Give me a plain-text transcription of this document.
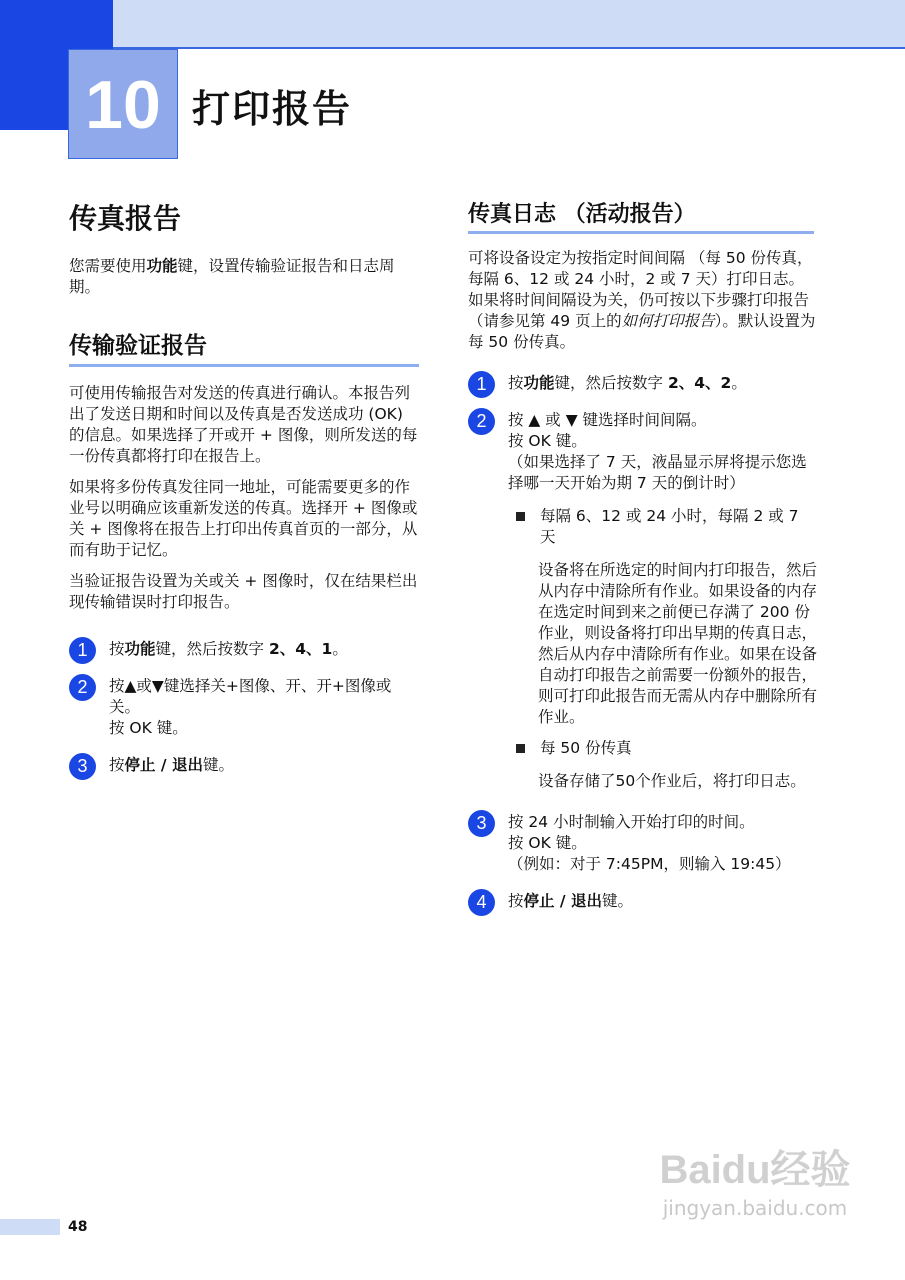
10 打印报告
传真报告

您需要使用功能键，设置传输验证报告和日志周期。

传输验证报告

可使用传输报告对发送的传真进行确认。本报告列出了发送日期和时间以及传真是否发送成功 (OK) 的信息。如果选择了开或开 + 图像，则所发送的每一份传真都将打印在报告上。

如果将多份传真发往同一地址，可能需要更多的作业号以明确应该重新发送的传真。选择开 + 图像或关 + 图像将在报告上打印出传真首页的一部分，从而有助于记忆。

当验证报告设置为关或关 + 图像时，仅在结果栏出现传输错误时打印报告。

1	按功能键，然后按数字 2、4、1。
2	按▲或▼键选择关+图像、开、开+图像或关。
按 OK 键。
3	按停止 / 退出键。
传真日志 （活动报告）

可将设备设定为按指定时间间隔 （每 50 份传真，每隔 6、12 或 24 小时，2 或 7 天）打印日志。如果将时间间隔设为关，仍可按以下步骤打印报告 （请参见第 49 页上的如何打印报告）。默认设置为每 50 份传真。

1	按功能键，然后按数字 2、4、2。
2	按 ▲ 或 ▼ 键选择时间间隔。
按 OK 键。
（如果选择了 7 天，液晶显示屏将提示您选择哪一天开始为期 7 天的倒计时）
每隔 6、12 或 24 小时，每隔 2 或 7 天

设备将在所选定的时间内打印报告，然后从内存中清除所有作业。如果设备的内存在选定时间到来之前便已存满了 200 份作业，则设备将打印出早期的传真日志，然后从内存中清除所有作业。如果在设备自动打印报告之前需要一份额外的报告，则可打印此报告而无需从内存中删除所有作业。

每 50 份传真

设备存储了50个作业后，将打印日志。

3	按 24 小时制输入开始打印的时间。
按 OK 键。
（例如：对于 7:45PM，则输入 19:45）
4	按停止 / 退出键。
Baidu经验
jingyan.baidu.com
48
